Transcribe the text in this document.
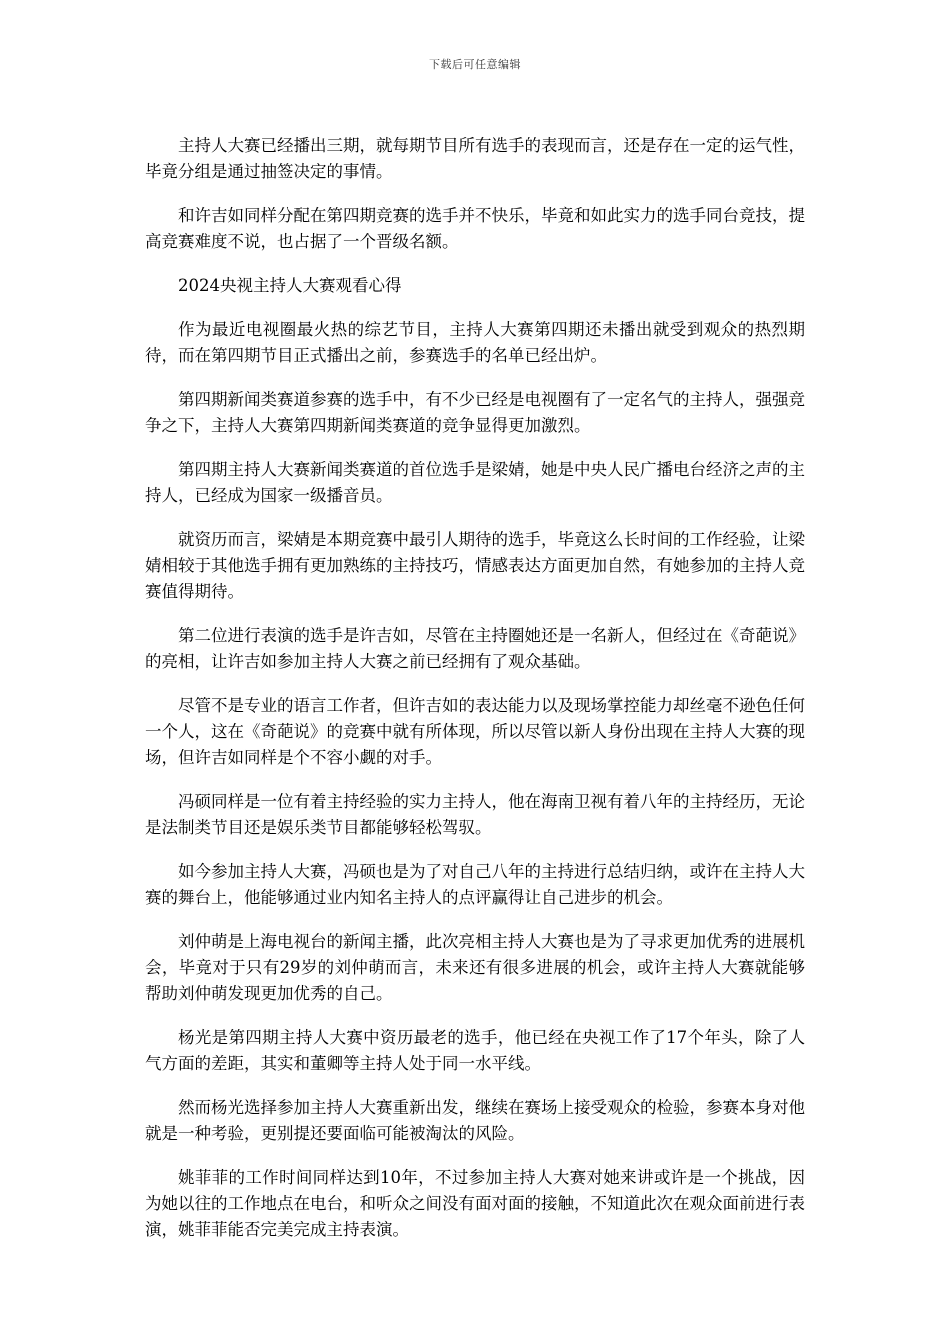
下载后可任意编辑

主持人大赛已经播出三期，就每期节目所有选手的表现而言，还是存在一定的运气性，毕竟分组是通过抽签决定的事情。

和许吉如同样分配在第四期竞赛的选手并不快乐，毕竟和如此实力的选手同台竞技，提高竞赛难度不说，也占据了一个晋级名额。

2024央视主持人大赛观看心得

作为最近电视圈最火热的综艺节目，主持人大赛第四期还未播出就受到观众的热烈期待，而在第四期节目正式播出之前，参赛选手的名单已经出炉。

第四期新闻类赛道参赛的选手中，有不少已经是电视圈有了一定名气的主持人，强强竞争之下，主持人大赛第四期新闻类赛道的竞争显得更加激烈。

第四期主持人大赛新闻类赛道的首位选手是梁婧，她是中央人民广播电台经济之声的主持人，已经成为国家一级播音员。

就资历而言，梁婧是本期竞赛中最引人期待的选手，毕竟这么长时间的工作经验，让梁婧相较于其他选手拥有更加熟练的主持技巧，情感表达方面更加自然，有她参加的主持人竞赛值得期待。

第二位进行表演的选手是许吉如，尽管在主持圈她还是一名新人，但经过在《奇葩说》的亮相，让许吉如参加主持人大赛之前已经拥有了观众基础。

尽管不是专业的语言工作者，但许吉如的表达能力以及现场掌控能力却丝毫不逊色任何一个人，这在《奇葩说》的竞赛中就有所体现，所以尽管以新人身份出现在主持人大赛的现场，但许吉如同样是个不容小觑的对手。

冯硕同样是一位有着主持经验的实力主持人，他在海南卫视有着八年的主持经历，无论是法制类节目还是娱乐类节目都能够轻松驾驭。

如今参加主持人大赛，冯硕也是为了对自己八年的主持进行总结归纳，或许在主持人大赛的舞台上，他能够通过业内知名主持人的点评赢得让自己进步的机会。

刘仲萌是上海电视台的新闻主播，此次亮相主持人大赛也是为了寻求更加优秀的进展机会，毕竟对于只有29岁的刘仲萌而言，未来还有很多进展的机会，或许主持人大赛就能够帮助刘仲萌发现更加优秀的自己。

杨光是第四期主持人大赛中资历最老的选手，他已经在央视工作了17个年头，除了人气方面的差距，其实和董卿等主持人处于同一水平线。

然而杨光选择参加主持人大赛重新出发，继续在赛场上接受观众的检验，参赛本身对他就是一种考验，更别提还要面临可能被淘汰的风险。

姚菲菲的工作时间同样达到10年，不过参加主持人大赛对她来讲或许是一个挑战，因为她以往的工作地点在电台，和听众之间没有面对面的接触，不知道此次在观众面前进行表演，姚菲菲能否完美完成主持表演。
